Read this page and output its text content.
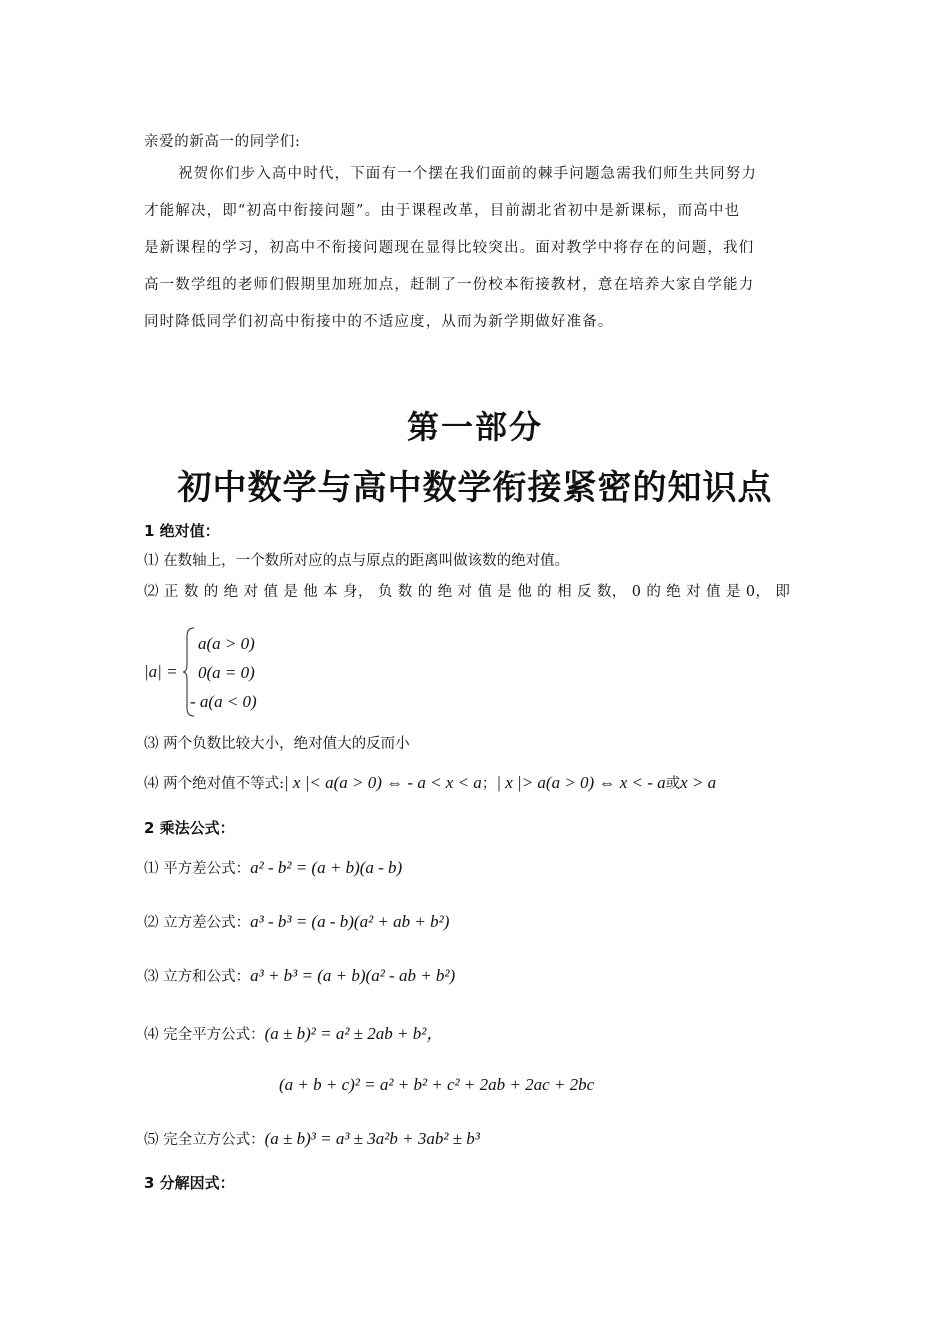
亲爱的新高一的同学们:
祝贺你们步入高中时代，下面有一个摆在我们面前的棘手问题急需我们师生共同努力
才能解决，即“初高中衔接问题”。由于课程改革，目前湖北省初中是新课标，而高中也
是新课程的学习，初高中不衔接问题现在显得比较突出。面对教学中将存在的问题，我们
高一数学组的老师们假期里加班加点，赶制了一份校本衔接教材，意在培养大家自学能力
同时降低同学们初高中衔接中的不适应度，从而为新学期做好准备。
第一部分
初中数学与高中数学衔接紧密的知识点
1 绝对值：
⑴ 在数轴上，一个数所对应的点与原点的距离叫做该数的绝对值。
⑵ 正 数 的 绝 对 值 是 他 本 身， 负 数 的 绝 对 值 是 他 的 相 反 数， 0 的 绝 对 值 是 0， 即
|a| =
a(a > 0)
0(a = 0)
- a(a < 0)
⑶ 两个负数比较大小，绝对值大的反而小
⑷ 两个绝对值不等式:| x |< a(a > 0) ⇔ - a < x < a；| x |> a(a > 0) ⇔ x < - a或x > a
2 乘法公式：
⑴ 平方差公式：a² - b² = (a + b)(a - b)
⑵ 立方差公式：a³ - b³ = (a - b)(a² + ab + b²)
⑶ 立方和公式：a³ + b³ = (a + b)(a² - ab + b²)
⑷ 完全平方公式：(a ± b)² = a² ± 2ab + b²，
(a + b + c)² = a² + b² + c² + 2ab + 2ac + 2bc
⑸ 完全立方公式：(a ± b)³ = a³ ± 3a²b + 3ab² ± b³
3 分解因式：
